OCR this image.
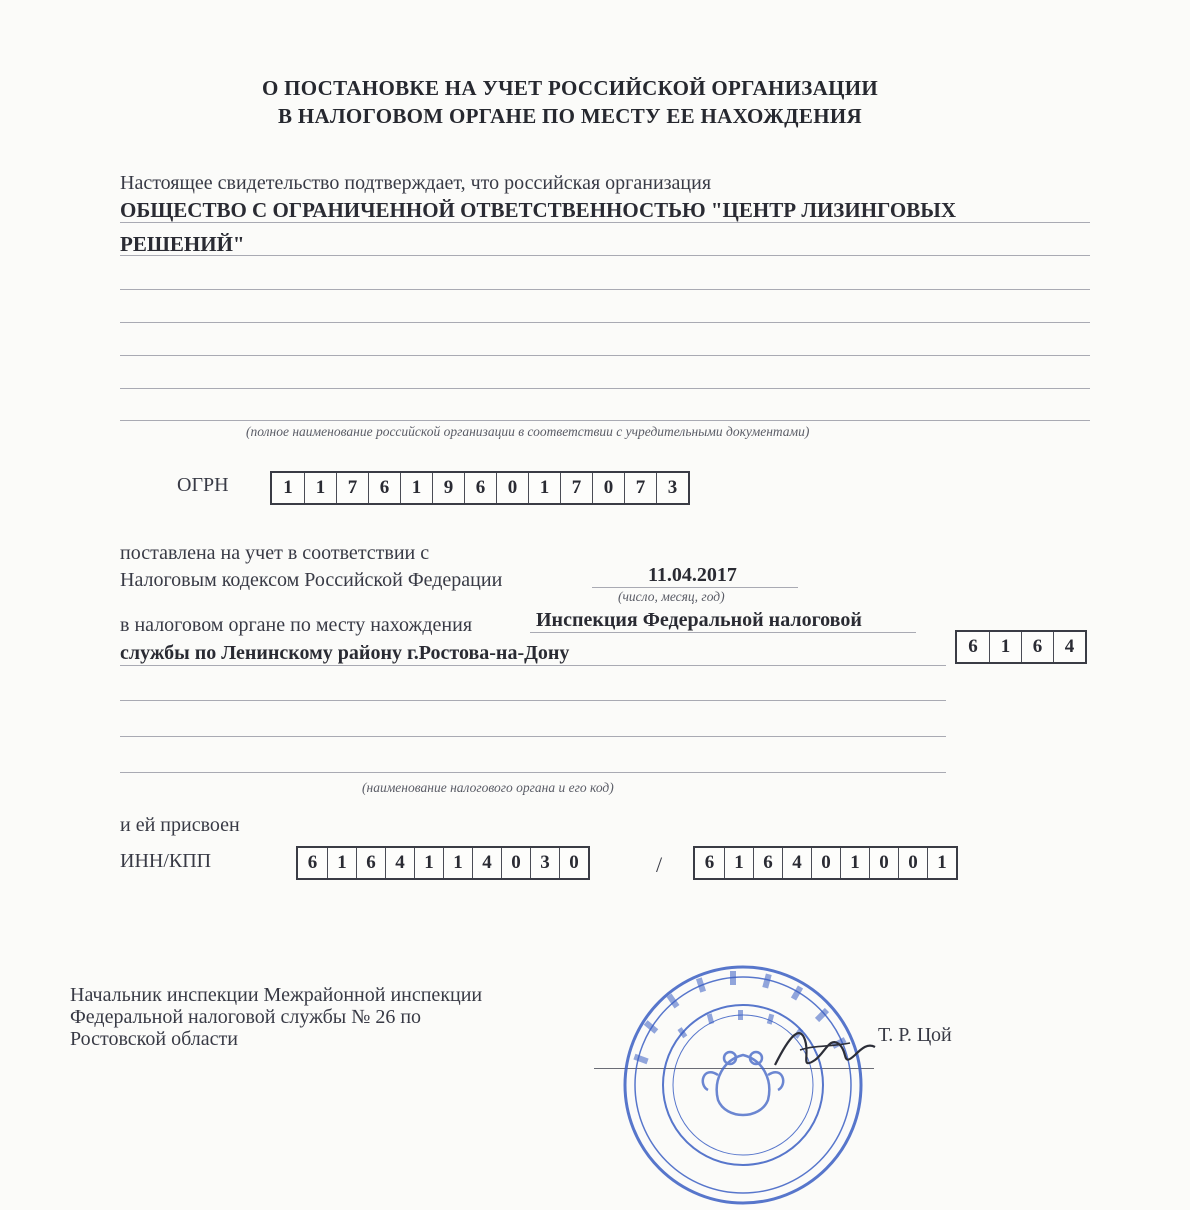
О ПОСТАНОВКЕ НА УЧЕТ РОССИЙСКОЙ ОРГАНИЗАЦИИ
В НАЛОГОВОМ ОРГАНЕ ПО МЕСТУ ЕЕ НАХОЖДЕНИЯ
Настоящее свидетельство подтверждает, что российская организация
ОБЩЕСТВО С ОГРАНИЧЕННОЙ ОТВЕТСТВЕННОСТЬЮ "ЦЕНТР ЛИЗИНГОВЫХ
РЕШЕНИЙ"
(полное наименование российской организации в соответствии с учредительными документами)
ОГРН	1	1	7	6	1	9	6	0	1	7	0	7	3
поставлена на учет в соответствии с
Налоговым кодексом Российской Федерации	11.04.2017
(число, месяц, год)
в налоговом органе по месту нахождения	Инспекция Федеральной налоговой
службы по Ленинскому району г.Ростова-на-Дону	6	1	6	4
(наименование налогового органа и его код)
и ей присвоен
ИНН/КПП	6	1	6	4	1	1	4	0	3	0	/	6	1	6	4	0	1	0	0	1
Начальник инспекции Межрайонной инспекции
Федеральной налоговой службы № 26 по
Ростовской области	Т. Р. Цой
